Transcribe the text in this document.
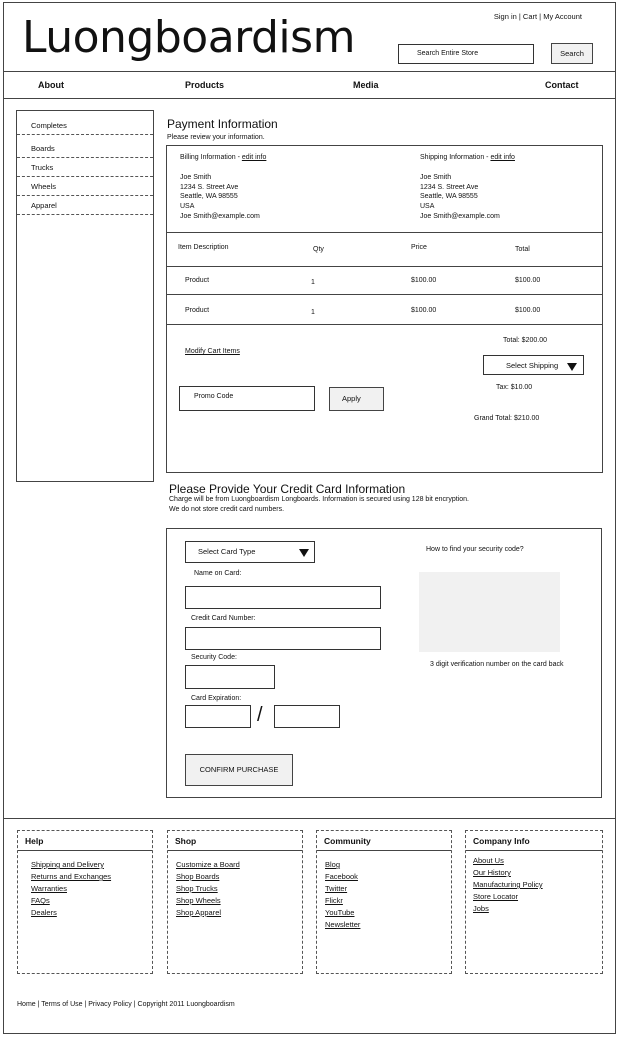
Luongboardism	Sign in | Cart | My Account
Search Entire Store	Search
About	Products	Media	Contact
Completes
Boards
Trucks
Wheels
Apparel
Payment Information
Please review your information.
Billing Information - edit info
Joe Smith
1234 S. Street Ave
Seattle, WA 98555
USA
Joe Smith@example.com
Shipping Information - edit info
Joe Smith
1234 S. Street Ave
Seattle, WA 98555
USA
Joe Smith@example.com
Item Description	Qty	Price	Total
Product	1	$100.00	$100.00
Product	1	$100.00	$100.00
Modify Cart Items
Total: $200.00
Select Shipping
Tax: $10.00
Promo Code	Apply
Grand Total: $210.00
Please Provide Your Credit Card Information
Charge will be from Luongboardism Longboards. Information is secured using 128 bit encryption.
We do not store credit card numbers.
Select Card Type
Name on Card:
Credit Card Number:
Security Code:
Card Expiration:
/
CONFIRM PURCHASE
How to find your security code?
3 digit verification number on the card back
Help
Shipping and Delivery
Returns and Exchanges
Warranties
FAQs
Dealers
Shop
Customize a Board
Shop Boards
Shop Trucks
Shop Wheels
Shop Apparel
Community
Blog
Facebook
Twitter
Flickr
YouTube
Newsletter
Company Info
About Us
Our History
Manufacturing Policy
Store Locator
Jobs
Home | Terms of Use | Privacy Policy | Copyright 2011 Luongboardism
